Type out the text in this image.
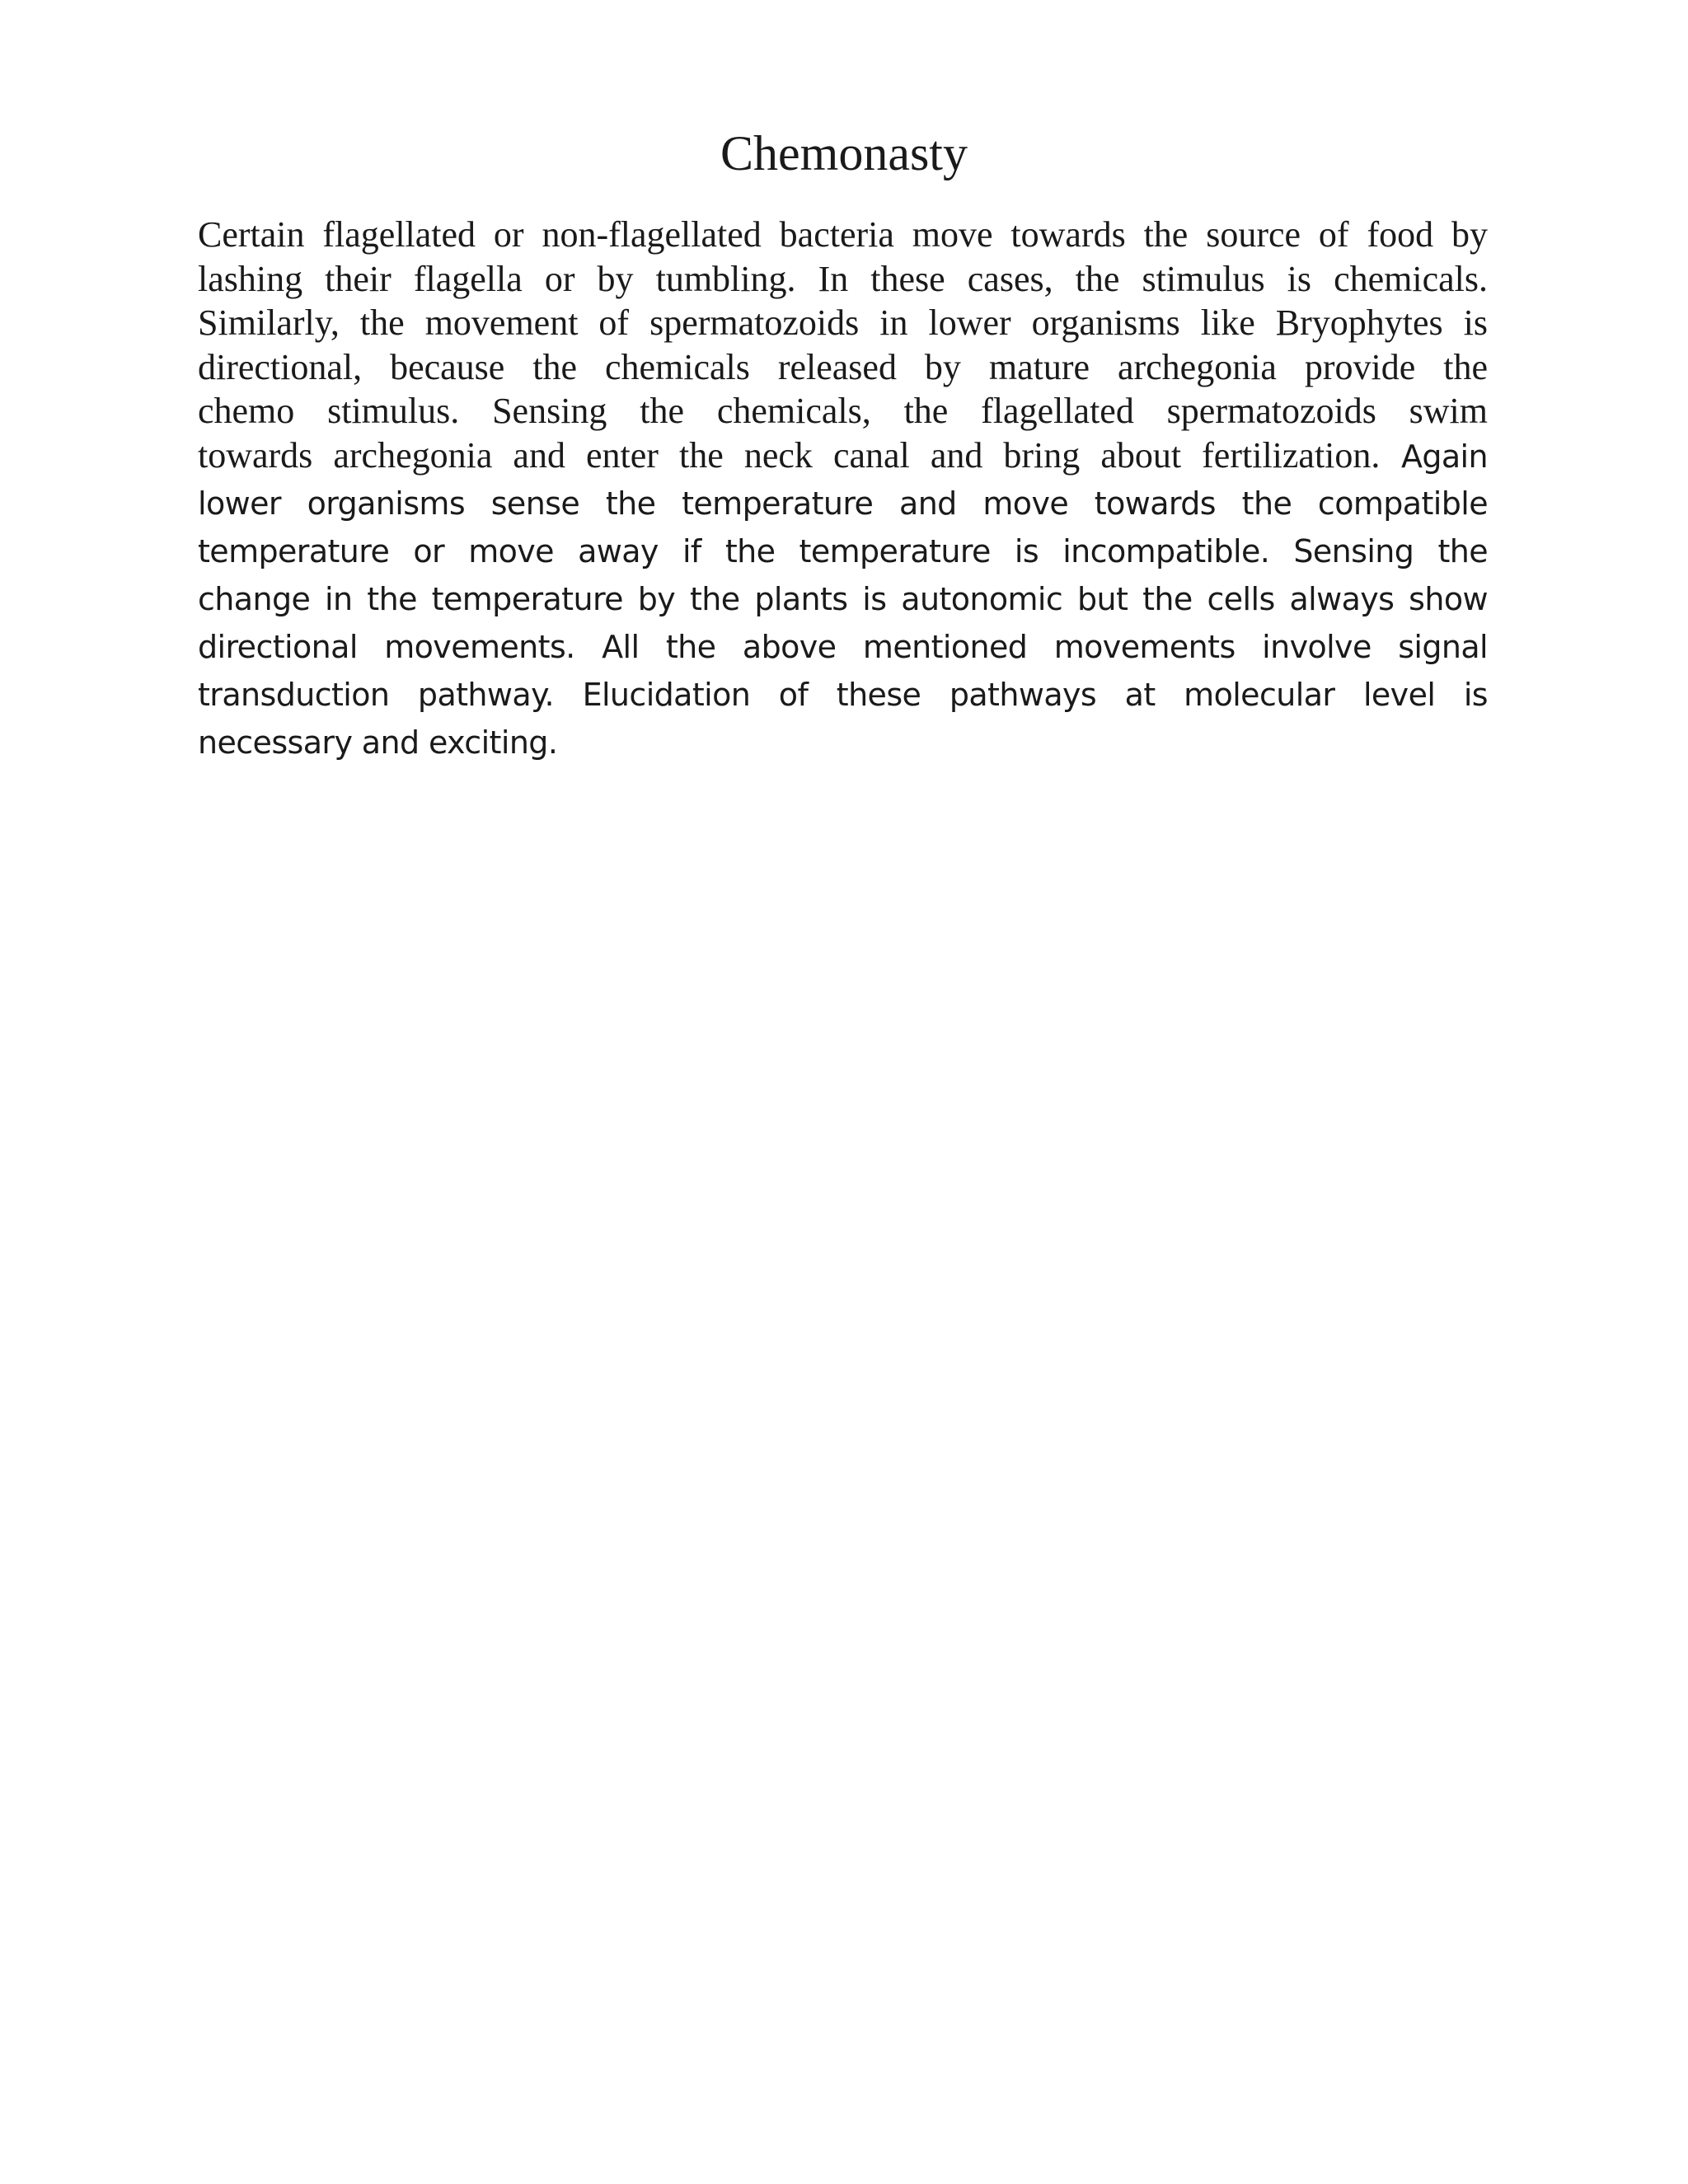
Chemonasty
Certain flagellated or non-flagellated bacteria move towards the source of food by
lashing their flagella or by tumbling. In these cases, the stimulus is chemicals.
Similarly, the movement of spermatozoids in lower organisms like Bryophytes is
directional, because the chemicals released by mature archegonia provide the
chemo stimulus. Sensing the chemicals, the flagellated spermatozoids swim
towards archegonia and enter the neck canal and bring about fertilization. Again
lower organisms sense the temperature and move towards the compatible
temperature or move away if the temperature is incompatible. Sensing the
change in the temperature by the plants is autonomic but the cells always show
directional movements. All the above mentioned movements involve signal
transduction pathway. Elucidation of these pathways at molecular level is
necessary and exciting.
